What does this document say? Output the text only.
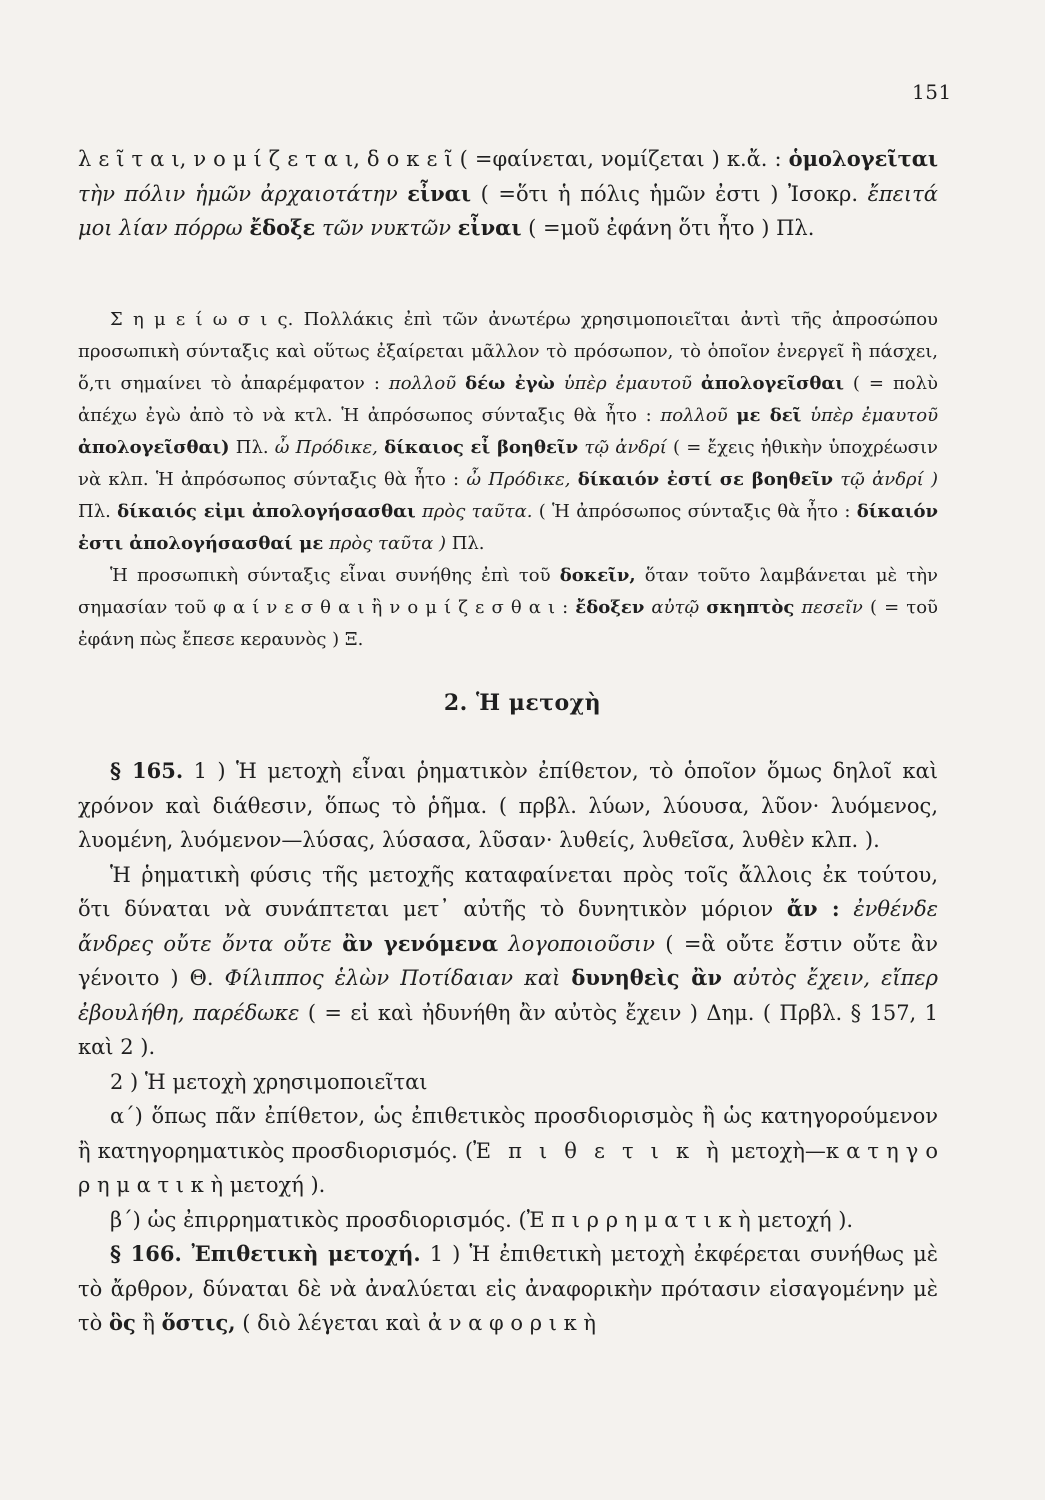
151

λ ε ῖ τ α ι, ν ο μ ί ζ ε τ α ι, δ ο κ ε ῖ ( =φαίνεται, νομίζεται ) κ.ἄ. : ὁμολογεῖται τὴν πόλιν ἡμῶν ἀρχαιοτάτην εἶναι ( =ὅτι ἡ πόλις ἡμῶν ἐστι ) Ἰσοκρ. ἔπειτά μοι λίαν πόρρω ἔδοξε τῶν νυκτῶν εἶναι ( =μοῦ ἐφάνη ὅτι ἦτο ) Πλ.

Σ η μ ε ί ω σ ι ς. Πολλάκις ἐπὶ τῶν ἀνωτέρω χρησιμοποιεῖται ἀντὶ τῆς ἀπροσώπου προσωπικὴ σύνταξις καὶ οὕτως ἐξαίρεται μᾶλλον τὸ πρόσωπον, τὸ ὁποῖον ἐνεργεῖ ἢ πάσχει, ὅ,τι σημαίνει τὸ ἀπαρέμφατον : πολλοῦ δέω ἐγὼ ὑπὲρ ἐμαυτοῦ ἀπολογεῖσθαι ( = πολὺ ἀπέχω ἐγὼ ἀπὸ τὸ νὰ κτλ. Ἡ ἀπρόσωπος σύνταξις θὰ ἦτο : πολλοῦ με δεῖ ὑπὲρ ἐμαυτοῦ ἀπολογεῖσθαι) Πλ. ὦ Πρόδικε, δίκαιος εἶ βοηθεῖν τῷ ἀνδρί ( = ἔχεις ἠθικὴν ὑποχρέωσιν νὰ κλπ. Ἡ ἀπρόσωπος σύνταξις θὰ ἦτο : ὦ Πρόδικε, δίκαιόν ἐστί σε βοηθεῖν τῷ ἀνδρί ) Πλ. δίκαιός εἰμι ἀπολογήσασθαι πρὸς ταῦτα. ( Ἡ ἀπρόσωπος σύνταξις θὰ ἦτο : δίκαιόν ἐστι ἀπολογήσασθαί με πρὸς ταῦτα ) Πλ.

Ἡ προσωπικὴ σύνταξις εἶναι συνήθης ἐπὶ τοῦ δοκεῖν, ὅταν τοῦτο λαμβάνεται μὲ τὴν σημασίαν τοῦ φ α ί ν ε σ θ α ι ἢ ν ο μ ί ζ ε σ θ α ι : ἔδοξεν αὐτῷ σκηπτὸς πεσεῖν ( = τοῦ ἐφάνη πὼς ἔπεσε κεραυνὸς ) Ξ.

2. Ἡ μετοχὴ

§ 165. 1 ) Ἡ μετοχὴ εἶναι ῥηματικὸν ἐπίθετον, τὸ ὁποῖον ὅμως δηλοῖ καὶ χρόνον καὶ διάθεσιν, ὅπως τὸ ῥῆμα. ( πρβλ. λύων, λύουσα, λῦον· λυόμενος, λυομένη, λυόμενον—λύσας, λύσασα, λῦσαν· λυθείς, λυθεῖσα, λυθὲν κλπ. ).

Ἡ ῥηματικὴ φύσις τῆς μετοχῆς καταφαίνεται πρὸς τοῖς ἄλλοις ἐκ τούτου, ὅτι δύναται νὰ συνάπτεται μετ᾽ αὐτῆς τὸ δυνητικὸν μόριον ἄν : ἐνθένδε ἄνδρες οὔτε ὄντα οὔτε ἂν γενόμενα λογοποιοῦσιν ( =ἃ οὔτε ἔστιν οὔτε ἂν γένοιτο ) Θ. Φίλιππος ἑλὼν Ποτίδαιαν καὶ δυνηθεὶς ἂν αὐτὸς ἔχειν, εἴπερ ἐβουλήθη, παρέδωκε ( = εἰ καὶ ἠδυνήθη ἂν αὐτὸς ἔχειν ) Δημ. ( Πρβλ. § 157, 1 καὶ 2 ).

2 ) Ἡ μετοχὴ χρησιμοποιεῖται

α΄) ὅπως πᾶν ἐπίθετον, ὡς ἐπιθετικὸς προσδιορισμὸς ἢ ὡς κατηγορούμενον ἢ κατηγορηματικὸς προσδιορισμός. (Ἐ π ι θ ε τ ι κ ὴ μετοχὴ—κ α τ η γ ο ρ η μ α τ ι κ ὴ μετοχή ).

β΄) ὡς ἐπιρρηματικὸς προσδιορισμός. (Ἐ π ι ρ ρ η μ α τ ι κ ὴ μετοχή ).

§ 166. Ἐπιθετικὴ μετοχή. 1 ) Ἡ ἐπιθετικὴ μετοχὴ ἐκφέρεται συνήθως μὲ τὸ ἄρθρον, δύναται δὲ νὰ ἀναλύεται εἰς ἀναφορικὴν πρότασιν εἰσαγομένην μὲ τὸ ὃς ἢ ὅστις, ( διὸ λέγεται καὶ ἀ ν α φ ο ρ ι κ ὴ
